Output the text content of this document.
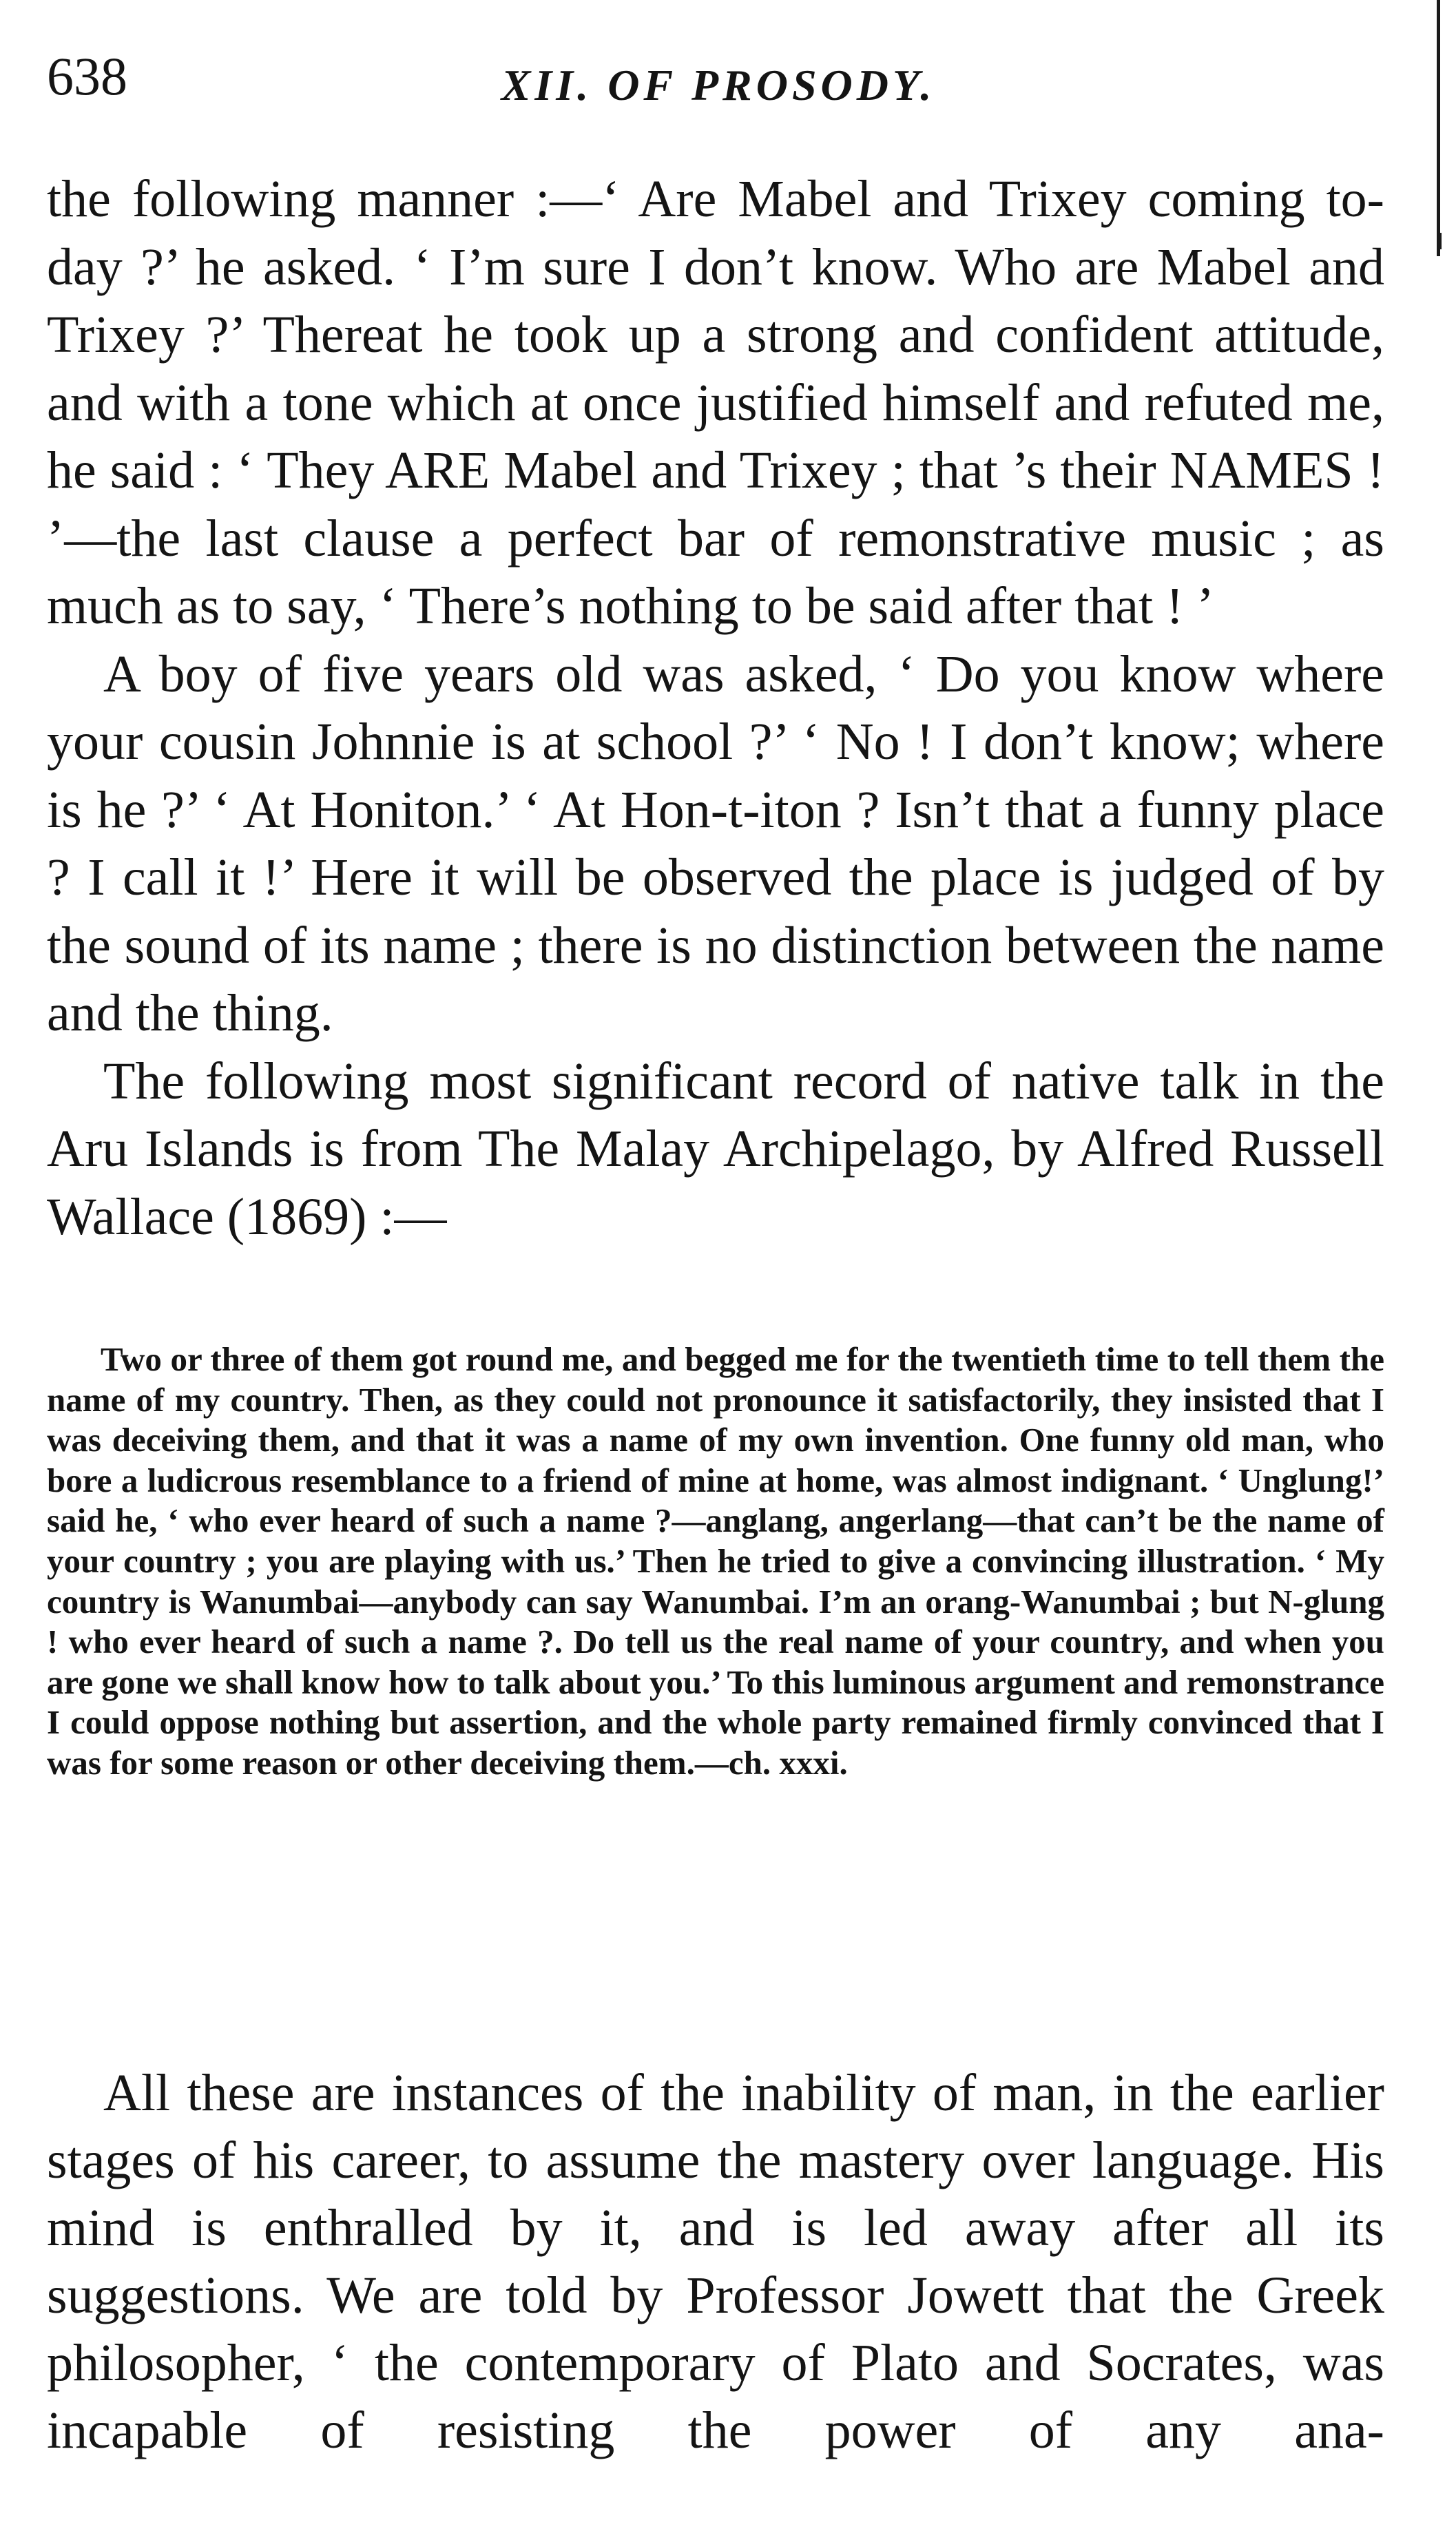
638	XII. OF PROSODY.

the following manner :—‘ Are Mabel and Trixey coming to-day ?’ he asked. ‘ I’m sure I don’t know. Who are Mabel and Trixey ?’ Thereat he took up a strong and confident attitude, and with a tone which at once justified himself and refuted me, he said : ‘ They ARE Mabel and Trixey ; that ’s their NAMES ! ’—the last clause a perfect bar of remonstrative music ; as much as to say, ‘ There’s nothing to be said after that ! ’

A boy of five years old was asked, ‘ Do you know where your cousin Johnnie is at school ?’ ‘ No ! I don’t know; where is he ?’ ‘ At Honiton.’ ‘ At Hon-t-iton ? Isn’t that a funny place ? I call it !’ Here it will be observed the place is judged of by the sound of its name ; there is no distinction between the name and the thing.

The following most significant record of native talk in the Aru Islands is from The Malay Archipelago, by Alfred Russell Wallace (1869) :—

Two or three of them got round me, and begged me for the twentieth time to tell them the name of my country. Then, as they could not pronounce it satisfactorily, they insisted that I was deceiving them, and that it was a name of my own invention. One funny old man, who bore a ludicrous resemblance to a friend of mine at home, was almost indignant. ‘ Unglung!’ said he, ‘ who ever heard of such a name ?—anglang, angerlang—that can’t be the name of your country ; you are playing with us.’ Then he tried to give a convincing illustration. ‘ My country is Wanumbai—anybody can say Wanumbai. I’m an orang-Wanumbai ; but N-glung ! who ever heard of such a name ?. Do tell us the real name of your country, and when you are gone we shall know how to talk about you.’ To this luminous argument and remonstrance I could oppose nothing but assertion, and the whole party remained firmly convinced that I was for some reason or other deceiving them.—ch. xxxi.

All these are instances of the inability of man, in the earlier stages of his career, to assume the mastery over language. His mind is enthralled by it, and is led away after all its suggestions. We are told by Professor Jowett that the Greek philosopher, ‘ the contemporary of Plato and Socrates, was incapable of resisting the power of any ana-
